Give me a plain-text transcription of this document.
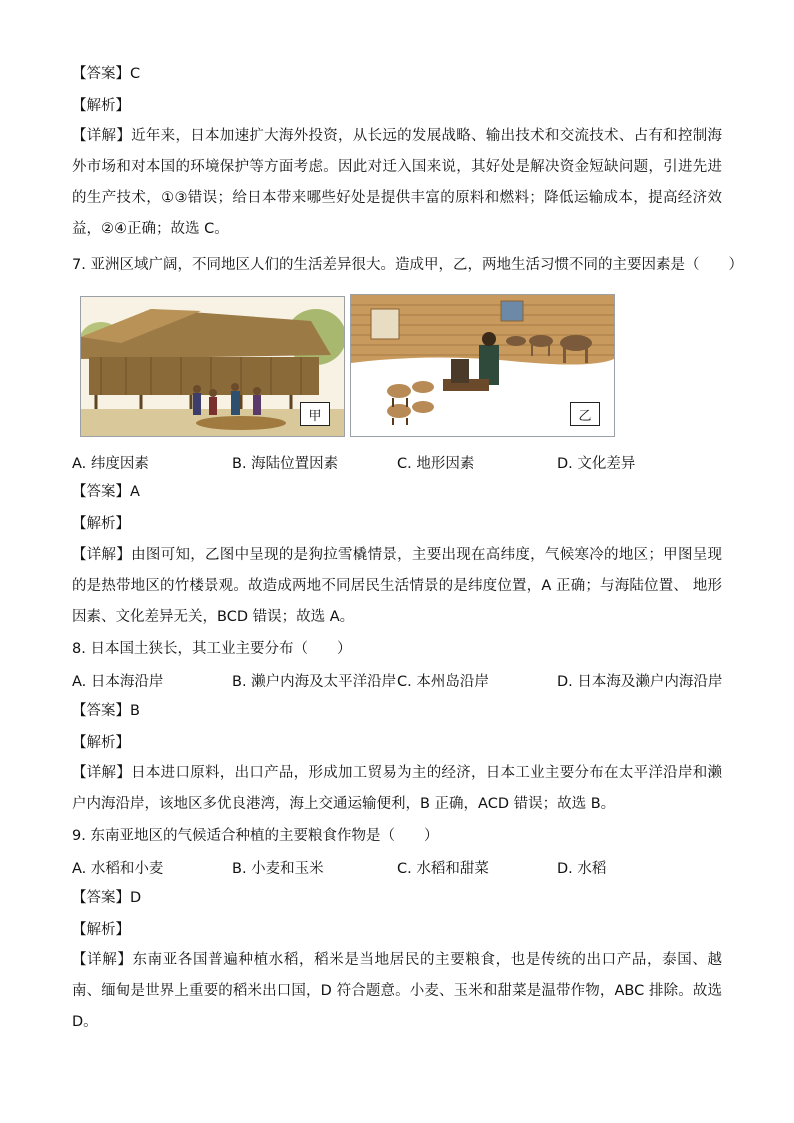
【答案】C
【解析】
【详解】近年来，日本加速扩大海外投资，从长远的发展战略、输出技术和交流技术、占有和控制海外市场和对本国的环境保护等方面考虑。因此对迁入国来说，其好处是解决资金短缺问题，引进先进的生产技术，①③错误；给日本带来哪些好处是提供丰富的原料和燃料；降低运输成本，提高经济效益，②④正确；故选 C。
7. 亚洲区域广阔，不同地区人们的生活差异很大。造成甲，乙，两地生活习惯不同的主要因素是（　　）
甲	乙
A. 纬度因素	B. 海陆位置因素	C. 地形因素	D. 文化差异
【答案】A
【解析】
【详解】由图可知，乙图中呈现的是狗拉雪橇情景，主要出现在高纬度，气候寒冷的地区；甲图呈现的是热带地区的竹楼景观。故造成两地不同居民生活情景的是纬度位置，A 正确；与海陆位置、 地形因素、文化差异无关，BCD 错误；故选 A。
8. 日本国土狭长，其工业主要分布（　　）
A. 日本海沿岸	B. 濑户内海及太平洋沿岸 C. 本州岛沿岸	D. 日本海及濑户内海沿岸
【答案】B
【解析】
【详解】日本进口原料，出口产品，形成加工贸易为主的经济，日本工业主要分布在太平洋沿岸和濑户内海沿岸，该地区多优良港湾，海上交通运输便利，B 正确，ACD 错误；故选 B。
9. 东南亚地区的气候适合种植的主要粮食作物是（　　）
A. 水稻和小麦	B. 小麦和玉米	C. 水稻和甜菜	D. 水稻
【答案】D
【解析】
【详解】东南亚各国普遍种植水稻，稻米是当地居民的主要粮食，也是传统的出口产品，泰国、越南、缅甸是世界上重要的稻米出口国，D 符合题意。小麦、玉米和甜菜是温带作物，ABC 排除。故选 D。
